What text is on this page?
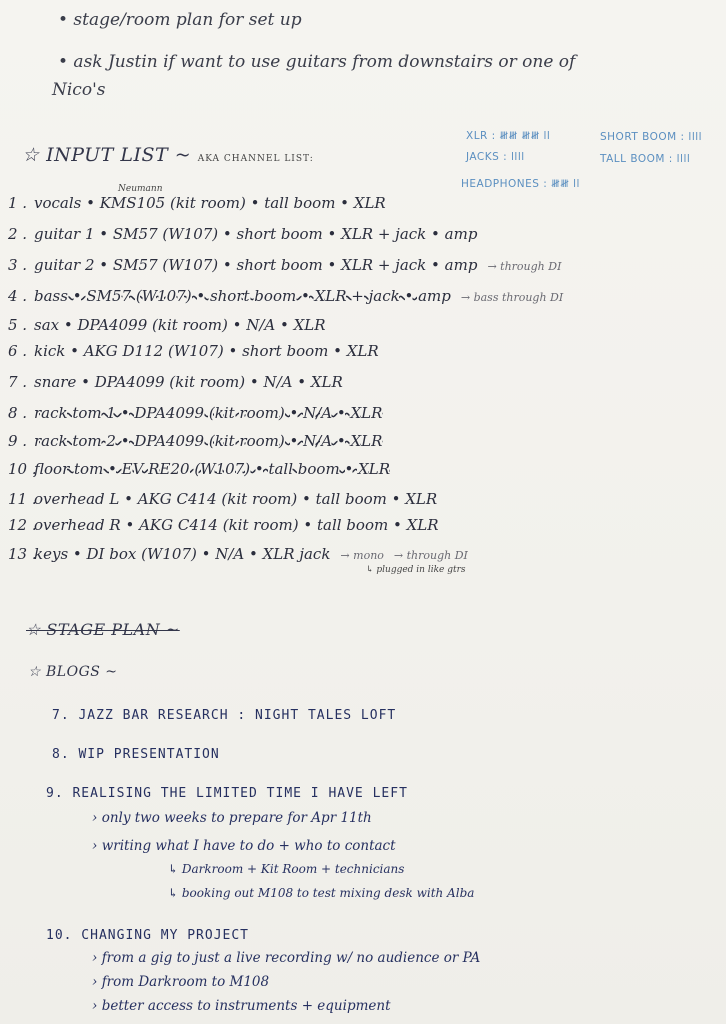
• stage/room plan for set up
• ask Justin if want to use guitars from downstairs or one of
Nico's
☆ INPUT LIST ~ AKA CHANNEL LIST:
Neumann
XLR : 𝍸𝍸 𝍸𝍸 ll
JACKS : llll
HEADPHONES : 𝍸𝍸 ll
SHORT BOOM : llll
TALL BOOM : llll
1 . vocals • KMS105 (kit room) • tall boom • XLR
2 . guitar 1 • SM57 (W107) • short boom • XLR + jack • amp
3 . guitar 2 • SM57 (W107) • short boom • XLR + jack • amp → through DI
4 . bass • SM57 (W107) • short boom • XLR + jack • amp → bass through DI
5 . sax • DPA4099 (kit room) • N/A • XLR
6 . kick • AKG D112 (W107) • short boom • XLR
7 . snare • DPA4099 (kit room) • N/A • XLR
8 . rack tom 1 • DPA4099 (kit room) • N/A • XLR
9 . rack tom 2 • DPA4099 (kit room) • N/A • XLR
10 .floor tom • EV RE20 (W107) • tall boom • XLR
11 .overhead L • AKG C414 (kit room) • tall boom • XLR
12 .overhead R • AKG C414 (kit room) • tall boom • XLR
13 .keys • DI box (W107) • N/A • XLR jack → mono → through DI
↳ plugged in like gtrs
☆ STAGE PLAN ~
☆ BLOGS ~
7. JAZZ BAR RESEARCH : NIGHT TALES LOFT
8. WIP PRESENTATION
9. REALISING THE LIMITED TIME I HAVE LEFT
› only two weeks to prepare for Apr 11th
› writing what I have to do + who to contact
↳ Darkroom + Kit Room + technicians
↳ booking out M108 to test mixing desk with Alba
10. CHANGING MY PROJECT
› from a gig to just a live recording w/ no audience or PA
› from Darkroom to M108
› better access to instruments + equipment
